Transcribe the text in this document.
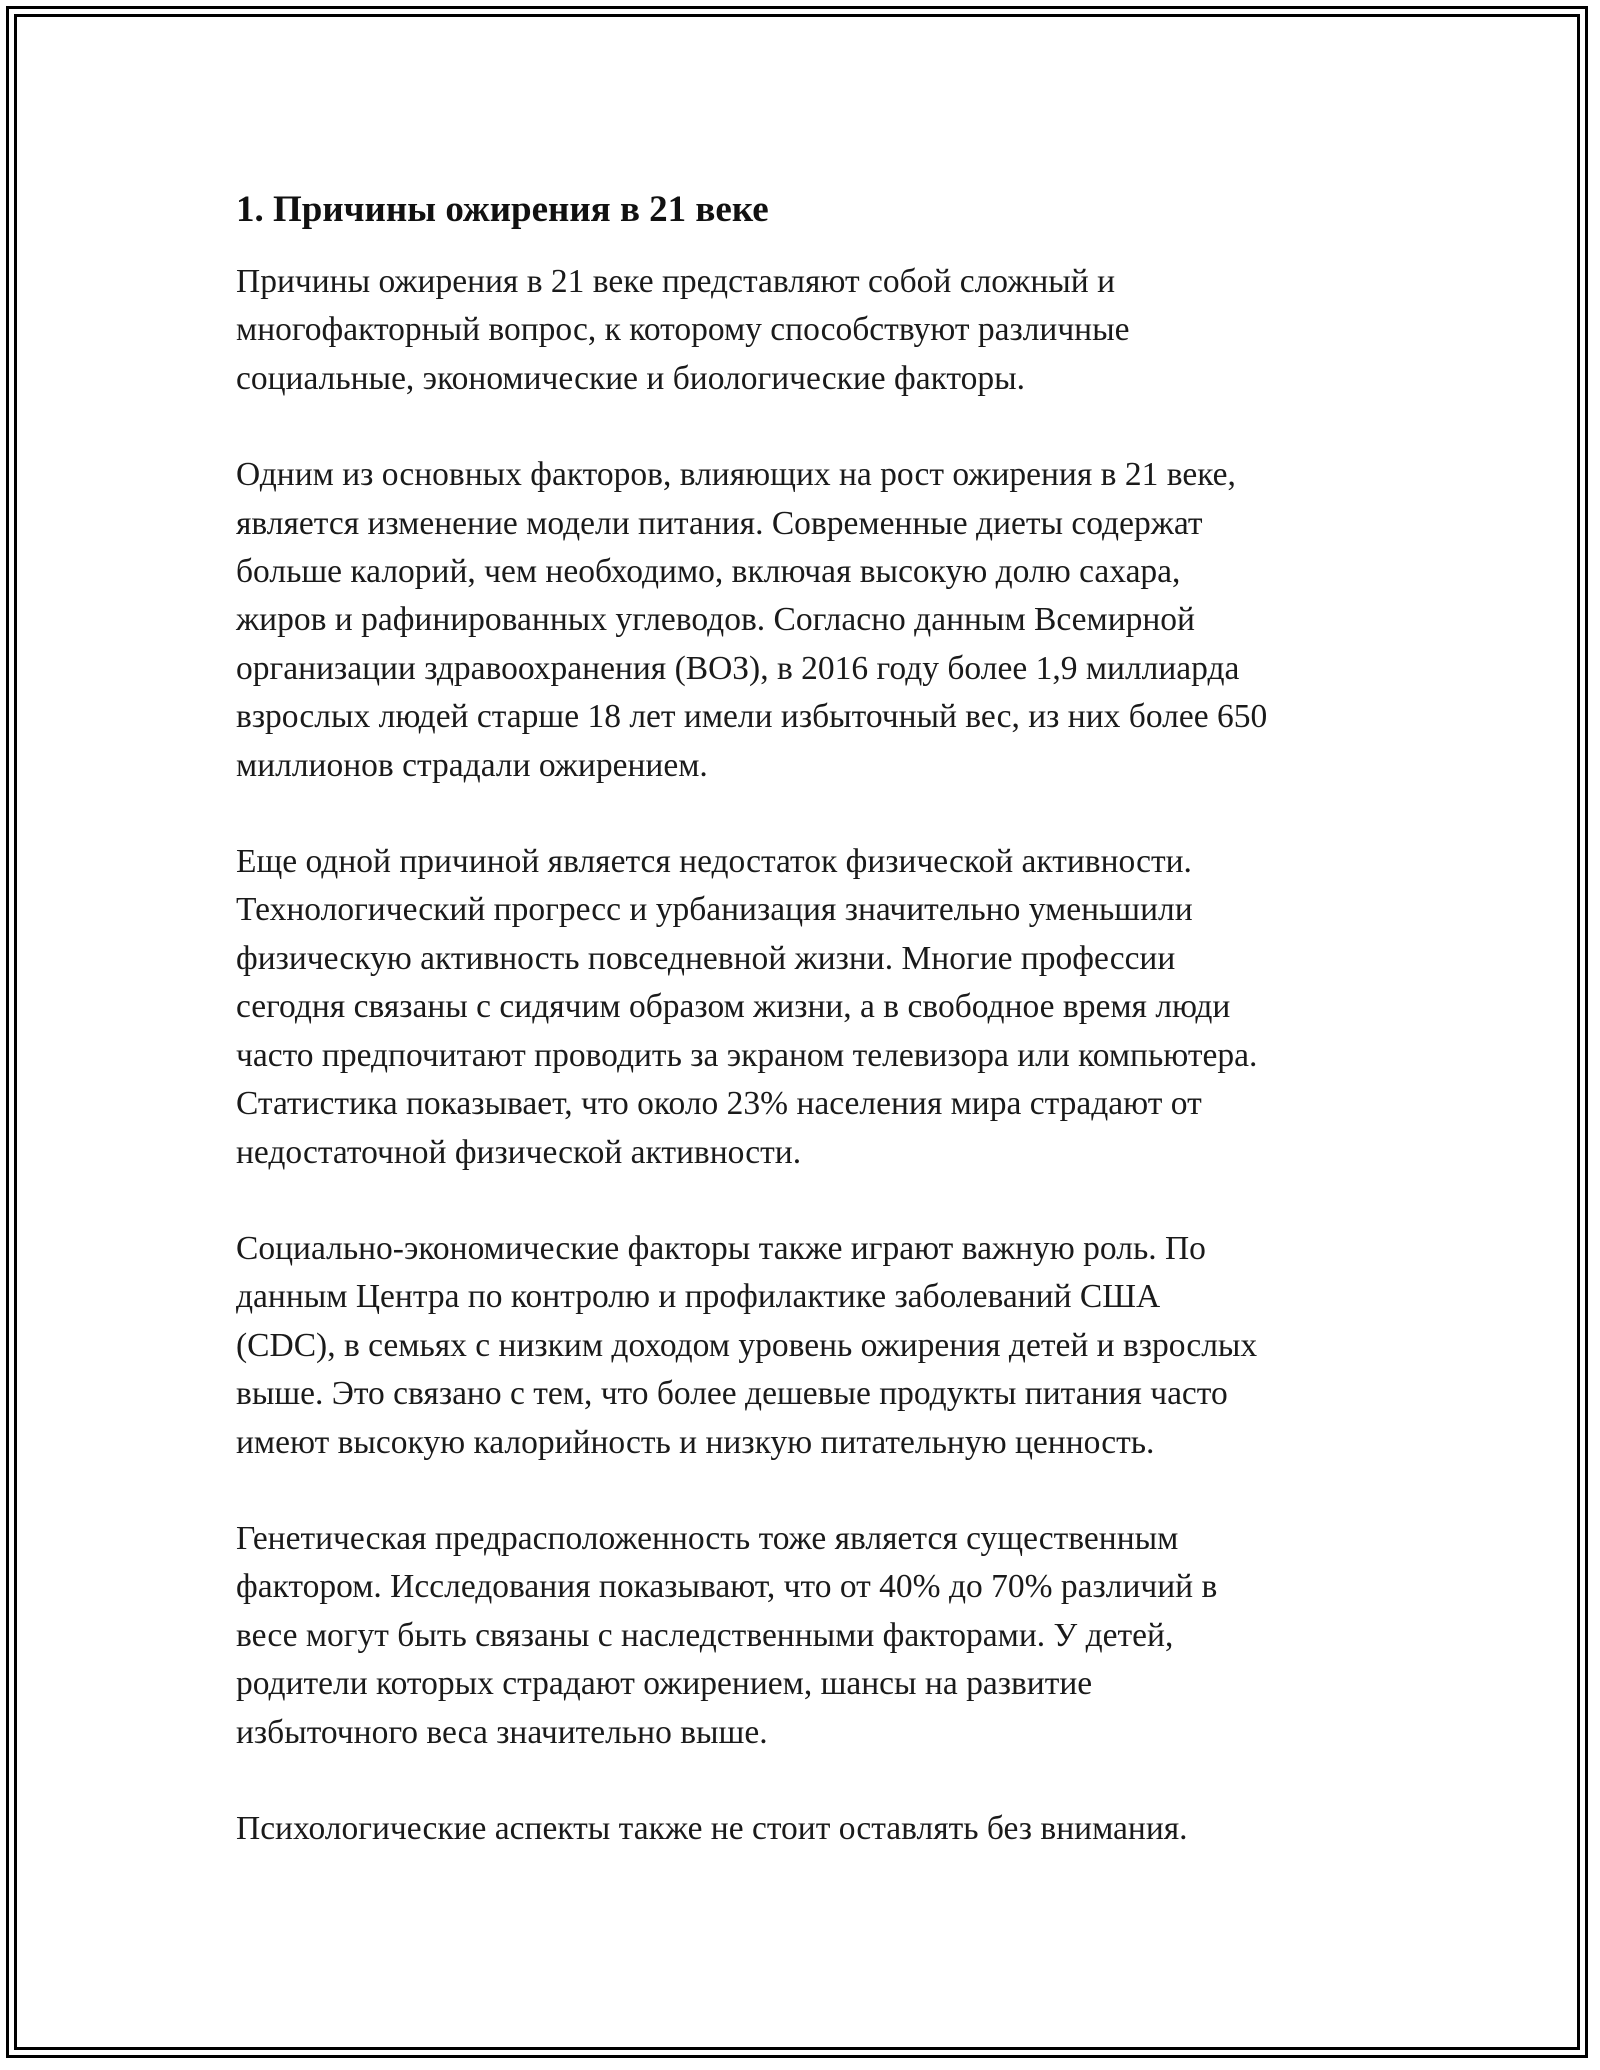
1. Причины ожирения в 21 веке

Причины ожирения в 21 веке представляют собой сложный и
многофакторный вопрос, к которому способствуют различные
социальные, экономические и биологические факторы.

Одним из основных факторов, влияющих на рост ожирения в 21 веке,
является изменение модели питания. Современные диеты содержат
больше калорий, чем необходимо, включая высокую долю сахара,
жиров и рафинированных углеводов. Согласно данным Всемирной
организации здравоохранения (ВОЗ), в 2016 году более 1,9 миллиарда
взрослых людей старше 18 лет имели избыточный вес, из них более 650
миллионов страдали ожирением.

Еще одной причиной является недостаток физической активности.
Технологический прогресс и урбанизация значительно уменьшили
физическую активность повседневной жизни. Многие профессии
сегодня связаны с сидячим образом жизни, а в свободное время люди
часто предпочитают проводить за экраном телевизора или компьютера.
Статистика показывает, что около 23% населения мира страдают от
недостаточной физической активности.

Социально-экономические факторы также играют важную роль. По
данным Центра по контролю и профилактике заболеваний США
(CDC), в семьях с низким доходом уровень ожирения детей и взрослых
выше. Это связано с тем, что более дешевые продукты питания часто
имеют высокую калорийность и низкую питательную ценность.

Генетическая предрасположенность тоже является существенным
фактором. Исследования показывают, что от 40% до 70% различий в
весе могут быть связаны с наследственными факторами. У детей,
родители которых страдают ожирением, шансы на развитие
избыточного веса значительно выше.

Психологические аспекты также не стоит оставлять без внимания.
